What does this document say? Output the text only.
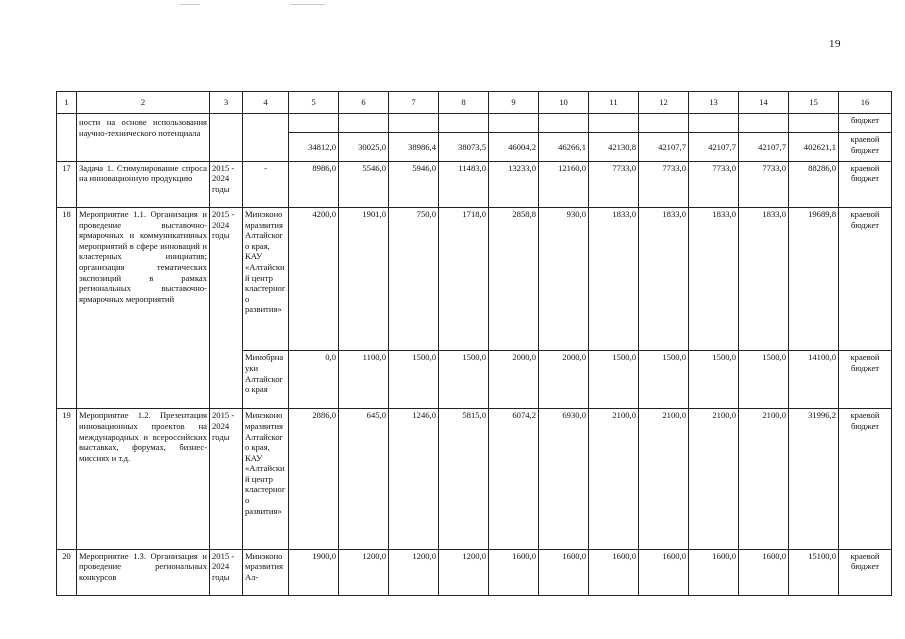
19
1	2	3	4	5	6	7	8	9	10	11	12	13	14	15	16
	ности на основе использования научно-технического потенциала														бюджет
				34812,0	30025,0	38986,4	38073,5	46004,2	46266,1	42130,8	42107,7	42107,7	42107,7	402621,1	краевой бюджет
17	Задача 1. Стимулирование спроса на инновационную продукцию	2015 - 2024 годы	-	8986,0	5546,0	5946,0	11483,0	13233,0	12160,0	7733,0	7733,0	7733,0	7733,0	88286,0	краевой бюджет
18	Мероприятие 1.1. Организация и проведение выставочно-ярмарочных и коммуникативных мероприятий в сфере инноваций и кластерных инициатив; организация тематических экспозиций в рамках региональных выставочно-ярмарочных мероприятий	2015 - 2024 годы	Минэкономразвития Алтайского края, КАУ «Алтайский центр кластерного развития»	4200,0	1901,0	750,0	1718,0	2858,8	930,0	1833,0	1833,0	1833,0	1833,0	19689,8	краевой бюджет
			Минобрнауки Алтайского края	0,0	1100,0	1500,0	1500,0	2000,0	2000,0	1500,0	1500,0	1500,0	1500,0	14100,0	краевой бюджет
19	Мероприятие 1.2. Презентация инновационных проектов на международных и всероссийских выставках, форумах, бизнес-миссиях и т.д.	2015 - 2024 годы	Минэкономразвития Алтайского края, КАУ «Алтайский центр кластерного развития»	2886,0	645,0	1246,0	5815,0	6074,2	6930,0	2100,0	2100,0	2100,0	2100,0	31996,2	краевой бюджет
20	Мероприятие 1.3. Организация и проведение региональных конкурсов	2015 - 2024 годы	Минэкономразвития Ал-	1900,0	1200,0	1200,0	1200,0	1600,0	1600,0	1600,0	1600,0	1600,0	1600,0	15100,0	краевой бюджет
